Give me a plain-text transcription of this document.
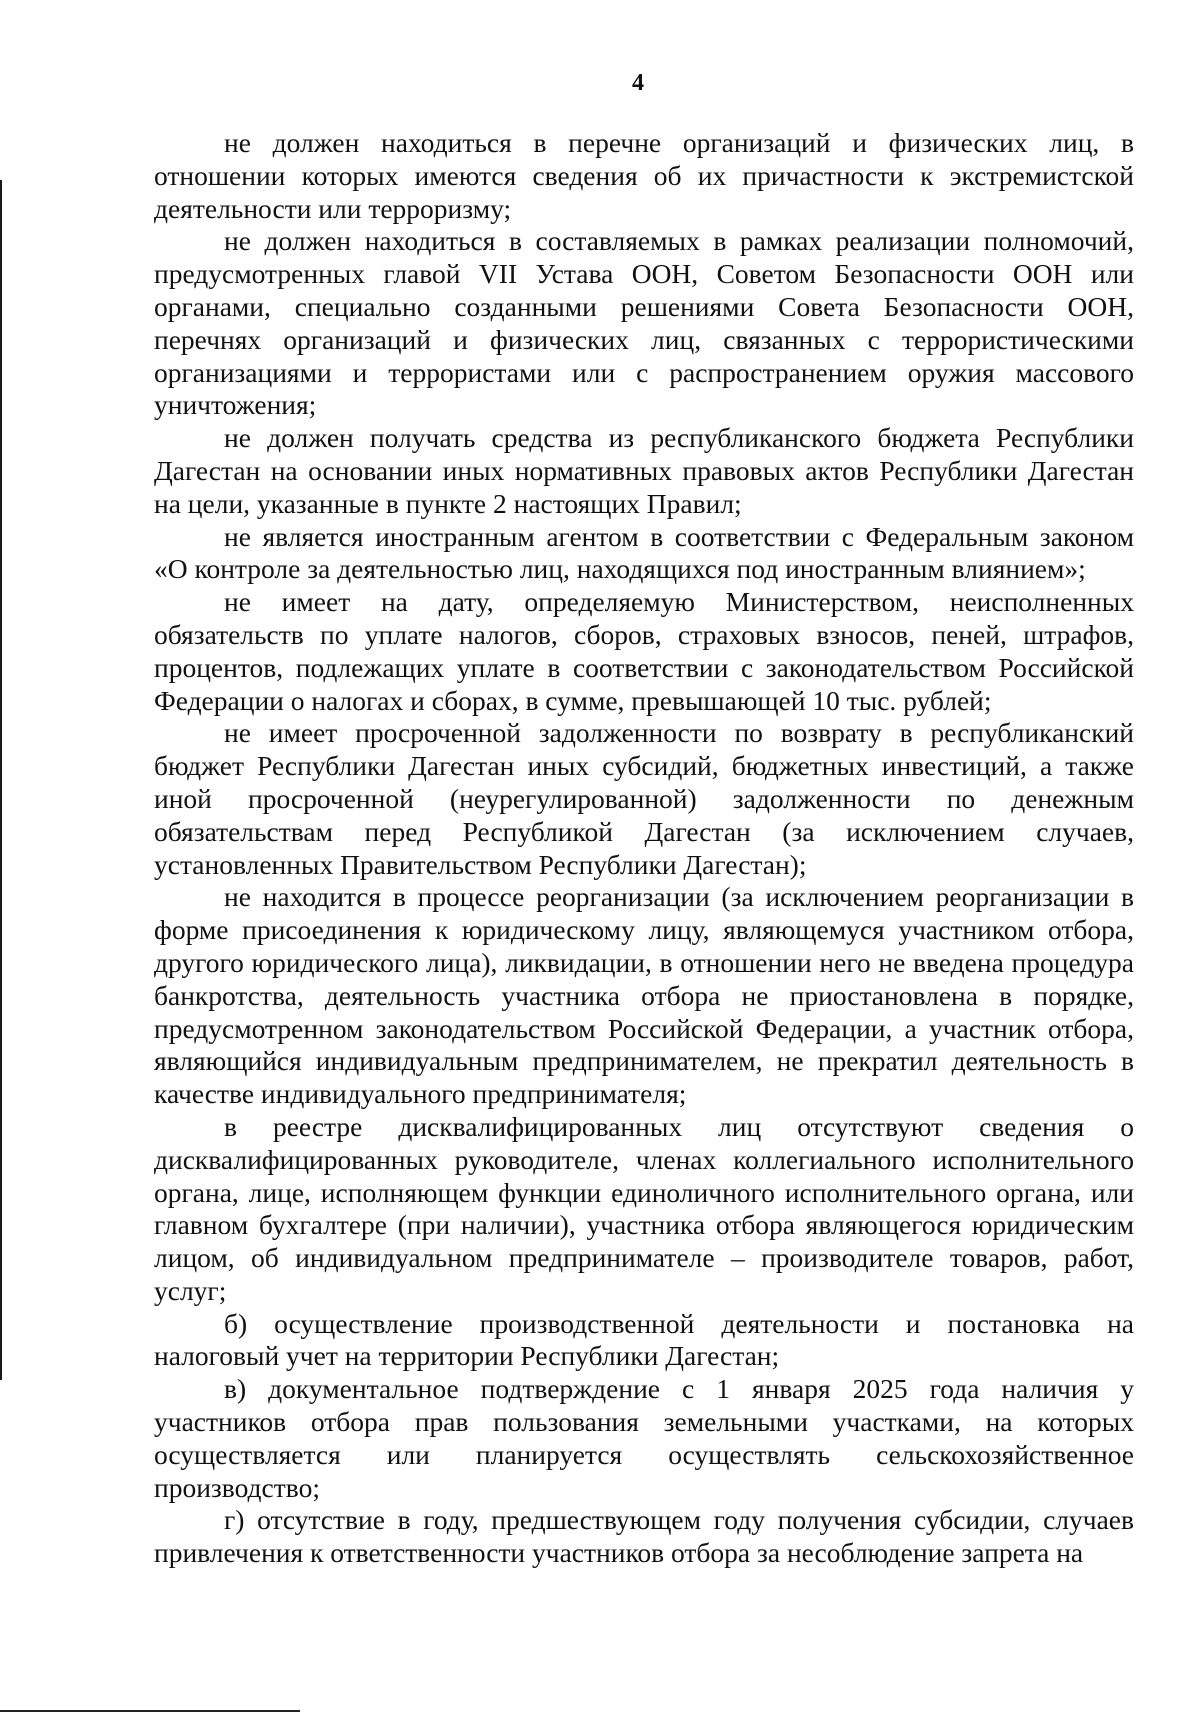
4

не должен находиться в перечне организаций и физических лиц, в отношении которых имеются сведения об их причастности к экстремистской деятельности или терроризму;

не должен находиться в составляемых в рамках реализации полномочий, предусмотренных главой VII Устава ООН, Советом Безопасности ООН или органами, специально созданными решениями Совета Безопасности ООН, перечнях организаций и физических лиц, связанных с террористическими организациями и террористами или с распространением оружия массового уничтожения;

не должен получать средства из республиканского бюджета Республики Дагестан на основании иных нормативных правовых актов Республики Дагестан на цели, указанные в пункте 2 настоящих Правил;

не является иностранным агентом в соответствии с Федеральным законом «О контроле за деятельностью лиц, находящихся под иностранным влиянием»;

не имеет на дату, определяемую Министерством, неисполненных обязательств по уплате налогов, сборов, страховых взносов, пеней, штрафов, процентов, подлежащих уплате в соответствии с законодательством Российской Федерации о налогах и сборах, в сумме, превышающей 10 тыс. рублей;

не имеет просроченной задолженности по возврату в республиканский бюджет Республики Дагестан иных субсидий, бюджетных инвестиций, а также иной просроченной (неурегулированной) задолженности по денежным обязательствам перед Республикой Дагестан (за исключением случаев, установленных Правительством Республики Дагестан);

не находится в процессе реорганизации (за исключением реорганизации в форме присоединения к юридическому лицу, являющемуся участником отбора, другого юридического лица), ликвидации, в отношении него не введена процедура банкротства, деятельность участника отбора не приостановлена в порядке, предусмотренном законодательством Российской Федерации, а участник отбора, являющийся индивидуальным предпринимателем, не прекратил деятельность в качестве индивидуального предпринимателя;

в реестре дисквалифицированных лиц отсутствуют сведения о дисквалифицированных руководителе, членах коллегиального исполнительного органа, лице, исполняющем функции единоличного исполнительного органа, или главном бухгалтере (при наличии), участника отбора являющегося юридическим лицом, об индивидуальном предпринимателе – производителе товаров, работ, услуг;

б) осуществление производственной деятельности и постановка на налоговый учет на территории Республики Дагестан;

в) документальное подтверждение с 1 января 2025 года наличия у участников отбора прав пользования земельными участками, на которых осуществляется или планируется осуществлять сельскохозяйственное производство;

г) отсутствие в году, предшествующем году получения субсидии, случаев привлечения к ответственности участников отбора за несоблюдение запрета на
